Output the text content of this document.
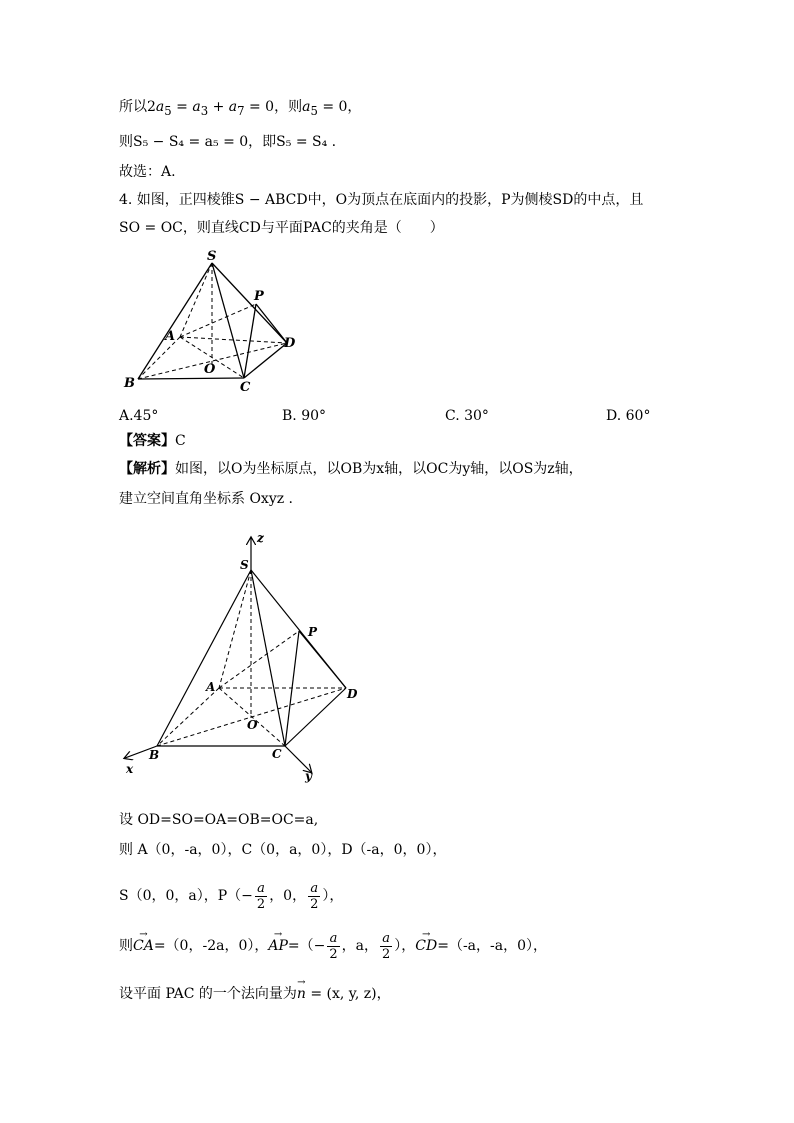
所以$2a_5 = a_3 + a_7 = 0$，则$a_5 = 0$，
则S₅ − S₄ = a₅ = 0，即S₅ = S₄ .
故选：A.
4. 如图，正四棱锥S − ABCD中，O为顶点在底面内的投影，P为侧棱SD的中点，且
SO = OC，则直线CD与平面PAC的夹角是（　　）
S
P
A	D
O
B	C
A.45°	B. 90°	C. 30°	D. 60°
【答案】C
【解析】如图，以O为坐标原点，以OB为x轴，以OC为y轴，以OS为z轴，
建立空间直角坐标系 Oxyz .
z
S
P
A	D
O
B	C
x	y
设 OD=SO=OA=OB=OC=a,
则 A（0，-a，0），C（0，a，0），D（-a，0，0），
S（0，0，a），$P(- \frac{a}{2}$ ，0， $\frac{a}{2}$ ），
则→ CA=（0，-2a，0），→ $AP=(- \frac{a}{2}$ ，a， $\frac{a}{2}$ ），→ CD=（-a，-a，0），
设平面 PAC 的一个法向量为→ n = (x, y, z)，
